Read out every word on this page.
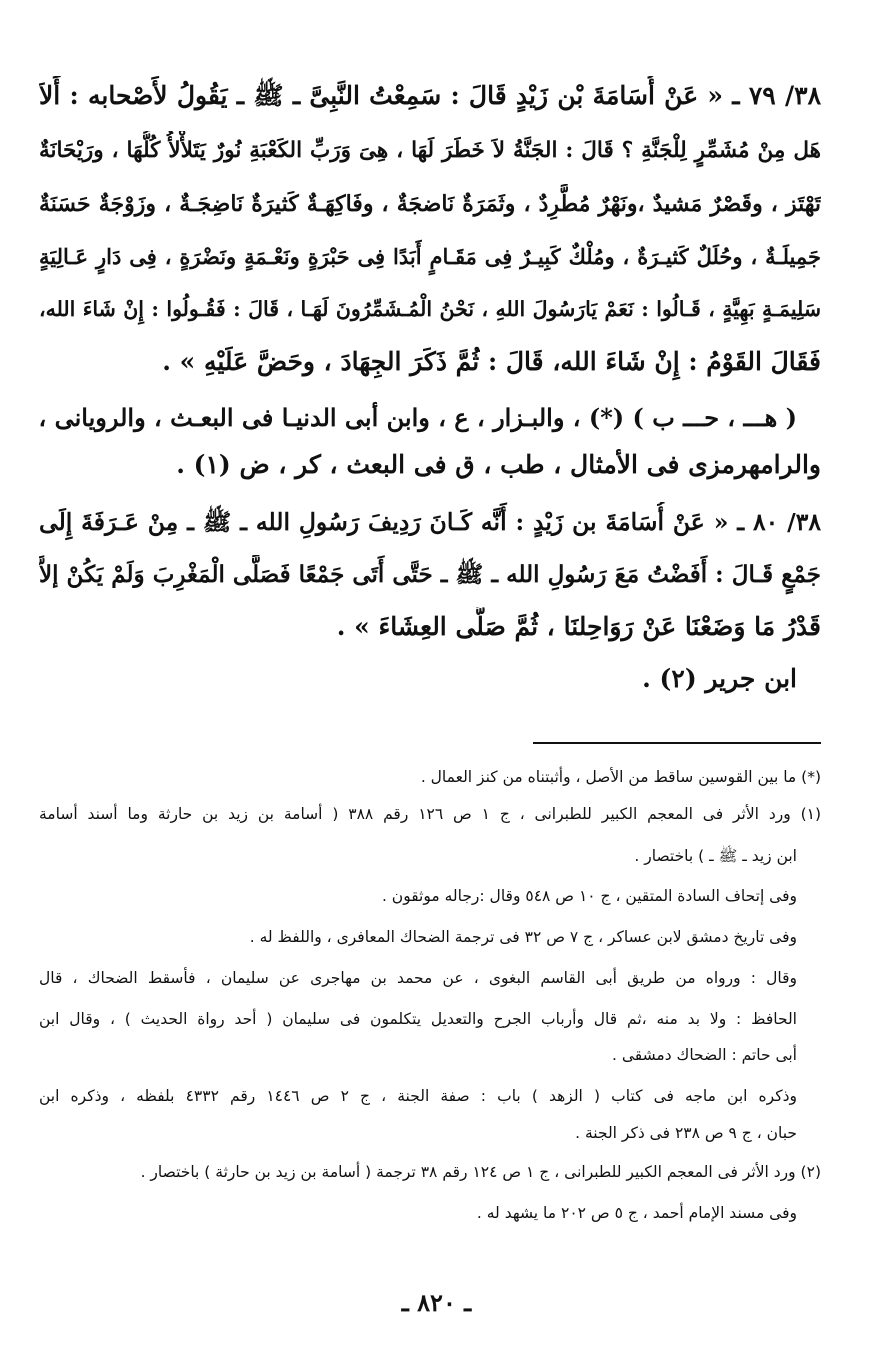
٣٨/ ٧٩ ـ « عَنْ أُسَامَةَ بْن زَيْدٍ قَالَ : سَمِعْتُ النَّبِىَّ ـ ﷺ ـ يَقُولُ لأَصْحابه : أَلاَ
هَل مِنْ مُشَمِّرٍ لِلْجَنَّةِ ؟ قَالَ : الجَنَّةُ لاَ خَطَرَ لَهَا ، هِىَ وَرَبِّ الكَعْبَةِ نُورٌ يَتَلأْلأُ كُلُّهَا ، ورَيْحَانَةٌ
تَهْتَز ، وقَصْرٌ مَشيدٌ ،ونَهْرٌ مُطَّرِدٌ ، وثَمَرَةٌ نَاضجَةٌ ، وفَاكِهَـةٌ كَثيرَةٌ نَاضِجَـةٌ ، وزَوْجَةٌ حَسَنَةٌ
جَمِيلَـةٌ ، وحُلَلٌ كَثيـرَةٌ ، ومُلْكٌ كَبِيـرٌ فِى مَقَـامٍ أَبَدًا فِى حَبْرَةٍ ونَعْـمَةٍ ونَضْرَةٍ ، فِى دَارٍ عَـالِيَةٍ
سَلِيمَـةٍ بَهِيَّةٍ ، قَـالُوا : نَعَمْ يَارَسُولَ اللهِ ، نَحْنُ الْمُـشَمِّرُونَ لَهَـا ، قَالَ : فَقُـولُوا : إِنْ شَاءَ الله،
فَقَالَ القَوْمُ : إِنْ شَاءَ الله، قَالَ : ثُمَّ ذَكَرَ الجِهَادَ ، وحَضَّ عَلَيْهِ » .
( هـــ ، حـــ ب ) (*) ، والبـزار ، ع ، وابن أبى الدنيـا فى البعـث ، والرويانى ،
والرامهرمزى فى الأمثال ، طب ، ق فى البعث ، كر ، ض (١) .
٣٨/ ٨٠ ـ « عَنْ أُسَامَةَ بن زَيْدٍ : أَنَّه كَـانَ رَدِيفَ رَسُولِ الله ـ ﷺ ـ مِنْ عَـرَفَةَ إِلَى
جَمْعٍ قَـالَ : أَفَضْتُ مَعَ رَسُولِ الله ـ ﷺ ـ حَتَّى أَتَى جَمْعًا فَصَلَّى الْمَغْرِبَ وَلَمْ يَكُنْ إلاَّ
قَدْرُ مَا وَضَعْنَا عَنْ رَوَاحِلنَا ، ثُمَّ صَلَّى العِشَاءَ » .
ابن جرير (٢) .
(*) ما بين القوسين ساقط من الأصل ، وأثبتناه من كنز العمال .
(١) ورد الأثر فى المعجم الكبير للطبرانى ، ج ١ ص ١٢٦ رقم ٣٨٨ ( أسامة بن زيد بن حارثة وما أسند أسامة
ابن زيد ـ ﷺ ـ ) باختصار .
وفى إتحاف السادة المتقين ، ج ١٠ ص ٥٤٨ وقال :رجاله موثقون .
وفى تاريخ دمشق لابن عساكر ، ج ٧ ص ٣٢ فى ترجمة الضحاك المعافرى ، واللفظ له .
وقال : ورواه من طريق أبى القاسم البغوى ، عن محمد بن مهاجرى عن سليمان ، فأسقط الضحاك ، قال
الحافظ : ولا بد منه ،ثم قال وأرباب الجرح والتعديل يتكلمون فى سليمان ( أحد رواة الحديث ) ، وقال ابن
أبى حاتم : الضحاك دمشقى .
وذكره ابن ماجه فى كتاب ( الزهد ) باب : صفة الجنة ، ج ٢ ص ١٤٤٦ رقم ٤٣٣٢ بلفظه ، وذكره ابن
حبان ، ج ٩ ص ٢٣٨ فى ذكر الجنة .
(٢) ورد الأثر فى المعجم الكبير للطبرانى ، ج ١ ص ١٢٤ رقم ٣٨ ترجمة ( أسامة بن زيد بن حارثة ) باختصار .
وفى مسند الإمام أحمد ، ج ٥ ص ٢٠٢ ما يشهد له .
ـ ٨٢٠ ـ
